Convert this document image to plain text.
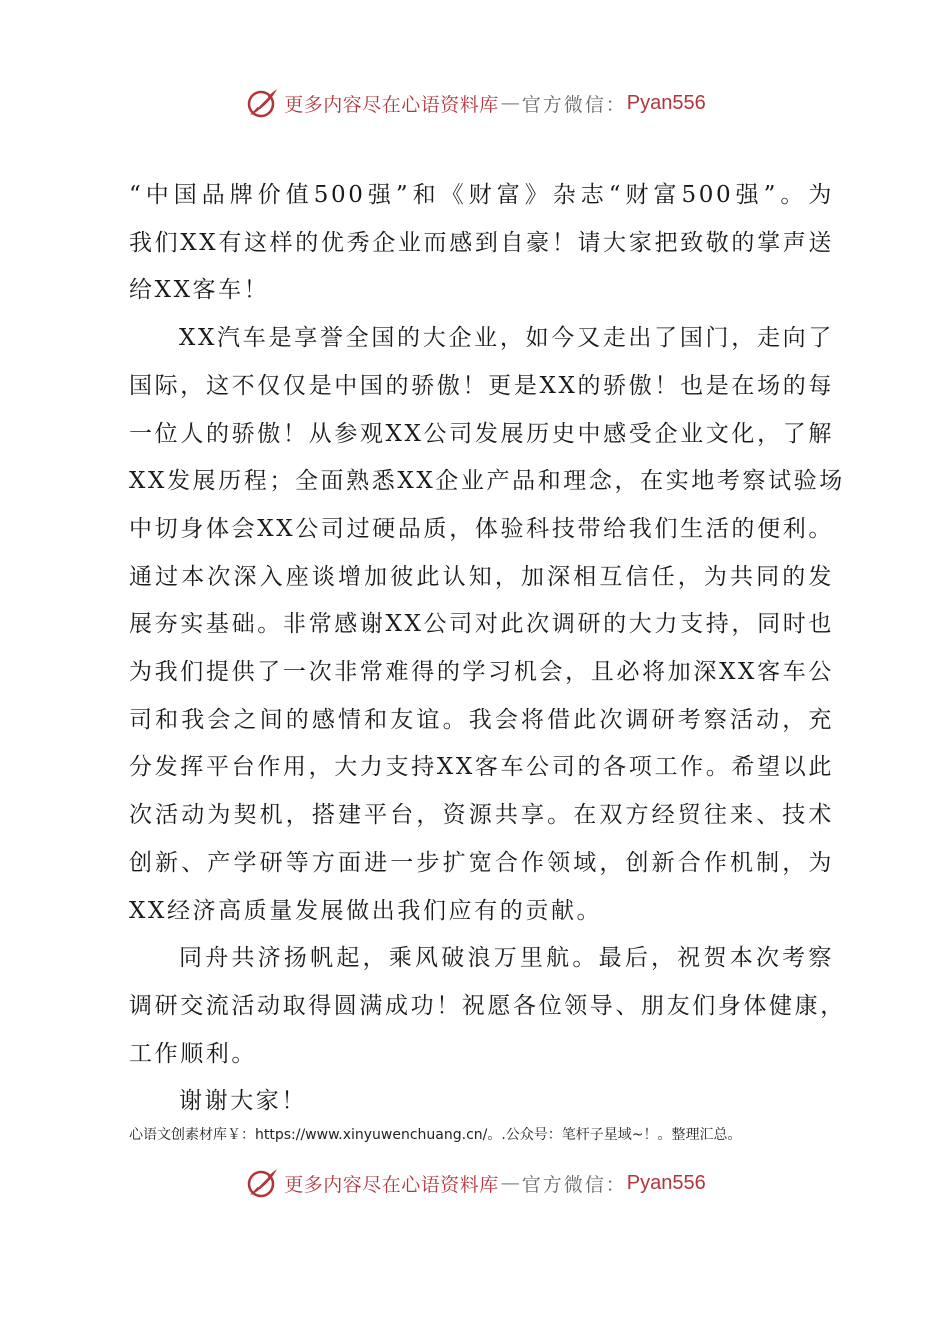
更多内容尽在心语资料库 — 官方微信： Pyan556

“中国品牌价值500强”和《财富》杂志“财富500强”。为
我们XX有这样的优秀企业而感到自豪！请大家把致敬的掌声送
给XX客车！

XX汽车是享誉全国的大企业，如今又走出了国门，走向了
国际，这不仅仅是中国的骄傲！更是XX的骄傲！也是在场的每
一位人的骄傲！从参观XX公司发展历史中感受企业文化，了解
XX发展历程；全面熟悉XX企业产品和理念，在实地考察试验场
中切身体会XX公司过硬品质，体验科技带给我们生活的便利。
通过本次深入座谈增加彼此认知，加深相互信任，为共同的发
展夯实基础。非常感谢XX公司对此次调研的大力支持，同时也
为我们提供了一次非常难得的学习机会，且必将加深XX客车公
司和我会之间的感情和友谊。我会将借此次调研考察活动，充
分发挥平台作用，大力支持XX客车公司的各项工作。希望以此
次活动为契机，搭建平台，资源共享。在双方经贸往来、技术
创新、产学研等方面进一步扩宽合作领域，创新合作机制，为
XX经济高质量发展做出我们应有的贡献。

同舟共济扬帆起，乘风破浪万里航。最后，祝贺本次考察
调研交流活动取得圆满成功！祝愿各位领导、朋友们身体健康，
工作顺利。

谢谢大家！

心语文创素材库￥：https://www.xinyuwenchuang.cn/。.公众号：笔杆子星域~！。整理汇总。
更多内容尽在心语资料库 — 官方微信： Pyan556
